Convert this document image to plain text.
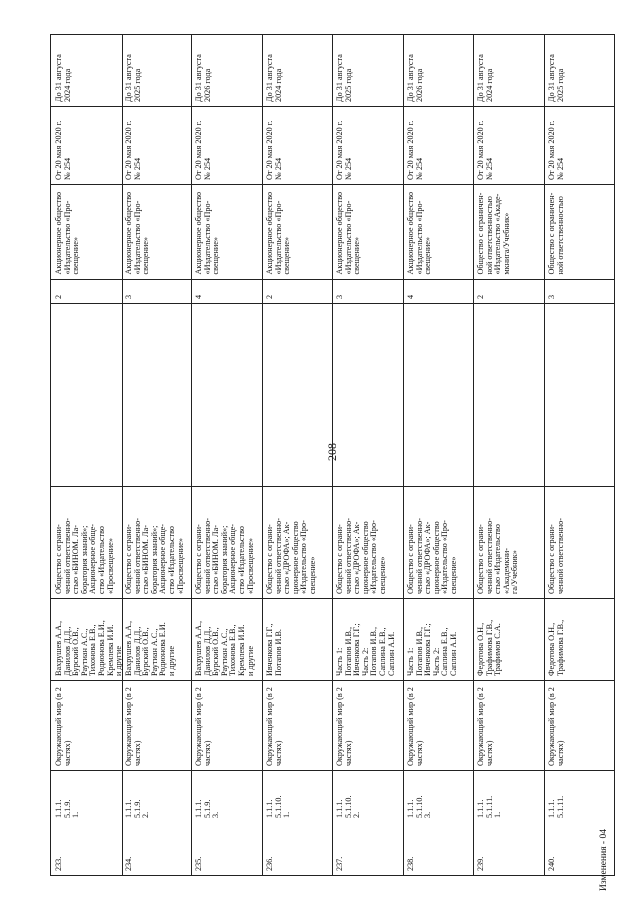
208
233.
1.1.1.
5.1.9.
1.
Окружающий мир (в 2 частях)
Вахрушев А.А.,
Данилов Д.Д.,
Бурский О.В.,
Раутиан А.С.,
Тихонова Е.В.,
Родионова Е.И.,
Кремлева И.И.
и другие
Общество с ограни-
ченной ответственно-
стью «БИНОМ. Ла-
боратория знаний»;
Акционерное обще-
ство «Издательство
«Просвещение»
2
Акционерное общество
«Издательство «Про-
свещение»
От 20 мая 2020 г.
№ 254
До 31 августа
2024 года
234.
1.1.1.
5.1.9.
2.
Окружающий мир (в 2 частях)
Вахрушев А.А.,
Данилов Д.Д.,
Бурский О.В.,
Раутиан А.С.,
Родионова Е.И.
и другие
Общество с ограни-
ченной ответственно-
стью «БИНОМ. Ла-
боратория знаний»;
Акционерное обще-
ство «Издательство
«Просвещение»
3
Акционерное общество
«Издательство «Про-
свещение»
От 20 мая 2020 г.
№ 254
До 31 августа
2025 года
235.
1.1.1.
5.1.9.
3.
Окружающий мир (в 2 частях)
Вахрушев А.А.,
Данилов Д.Д.,
Бурский О.В.,
Раутиан А.С.,
Тихонова Е.В.,
Кремлева И.И.
и другие
Общество с ограни-
ченной ответственно-
стью «БИНОМ. Ла-
боратория знаний»;
Акционерное обще-
ство «Издательство
«Просвещение»
4
Акционерное общество
«Издательство «Про-
свещение»
От 20 мая 2020 г.
№ 254
До 31 августа
2026 года
236.
1.1.1.
5.1.10.
1.
Окружающий мир (в 2 частях)
Ивченкова Г.Г.,
Потапов И.В.
Общество с ограни-
ченной ответственно-
стью «ДРОФА»; Ак-
ционерное общество
«Издательство «Про-
свещение»
2
Акционерное общество
«Издательство «Про-
свещение»
От 20 мая 2020 г.
№ 254
До 31 августа
2024 года
237.
1.1.1.
5.1.10.
2.
Окружающий мир (в 2 частях)
Часть 1:
Потапов И.В.,
Ивченкова Г.Г.;
Часть 2:
Потапов И.В.,
Саплина Е.В.,
Саплин А.И.
Общество с ограни-
ченной ответственно-
стью «ДРОФА»; Ак-
ционерное общество
«Издательство «Про-
свещение»
3
Акционерное общество
«Издательство «Про-
свещение»
От 20 мая 2020 г.
№ 254
До 31 августа
2025 года
238.
1.1.1.
5.1.10.
3.
Окружающий мир (в 2 частях)
Часть 1:
Потапов И.В.,
Ивченкова Г.Г.;
Часть 2:
Саплина Е.В.,
Саплин А.И.
Общество с ограни-
ченной ответственно-
стью «ДРОФА»; Ак-
ционерное общество
«Издательство «Про-
свещение»
4
Акционерное общество
«Издательство «Про-
свещение»
От 20 мая 2020 г.
№ 254
До 31 августа
2026 года
239.
1.1.1.
5.1.11.
1.
Окружающий мир (в 2 частях)
Федотова О.Н.,
Трафимова Г.В.,
Трафимов С.А.
Общество с ограни-
ченной ответственно-
стью «Издательство
«Академкни-
га/Учебник»
2
Общество с ограничен-
ной ответственностью
«Издательство «Акаде-
мкнига/Учебник»
От 20 мая 2020 г.
№ 254
До 31 августа
2024 года
240.
1.1.1.
5.1.11.
Окружающий мир (в 2 частях)
Федотова О.Н.,
Трафимова Г.В.,
Общество с ограни-
ченной ответственно-
3
Общество с ограничен-
ной ответственностью
От 20 мая 2020 г.
№ 254
До 31 августа
2025 года
Изменения - 04
